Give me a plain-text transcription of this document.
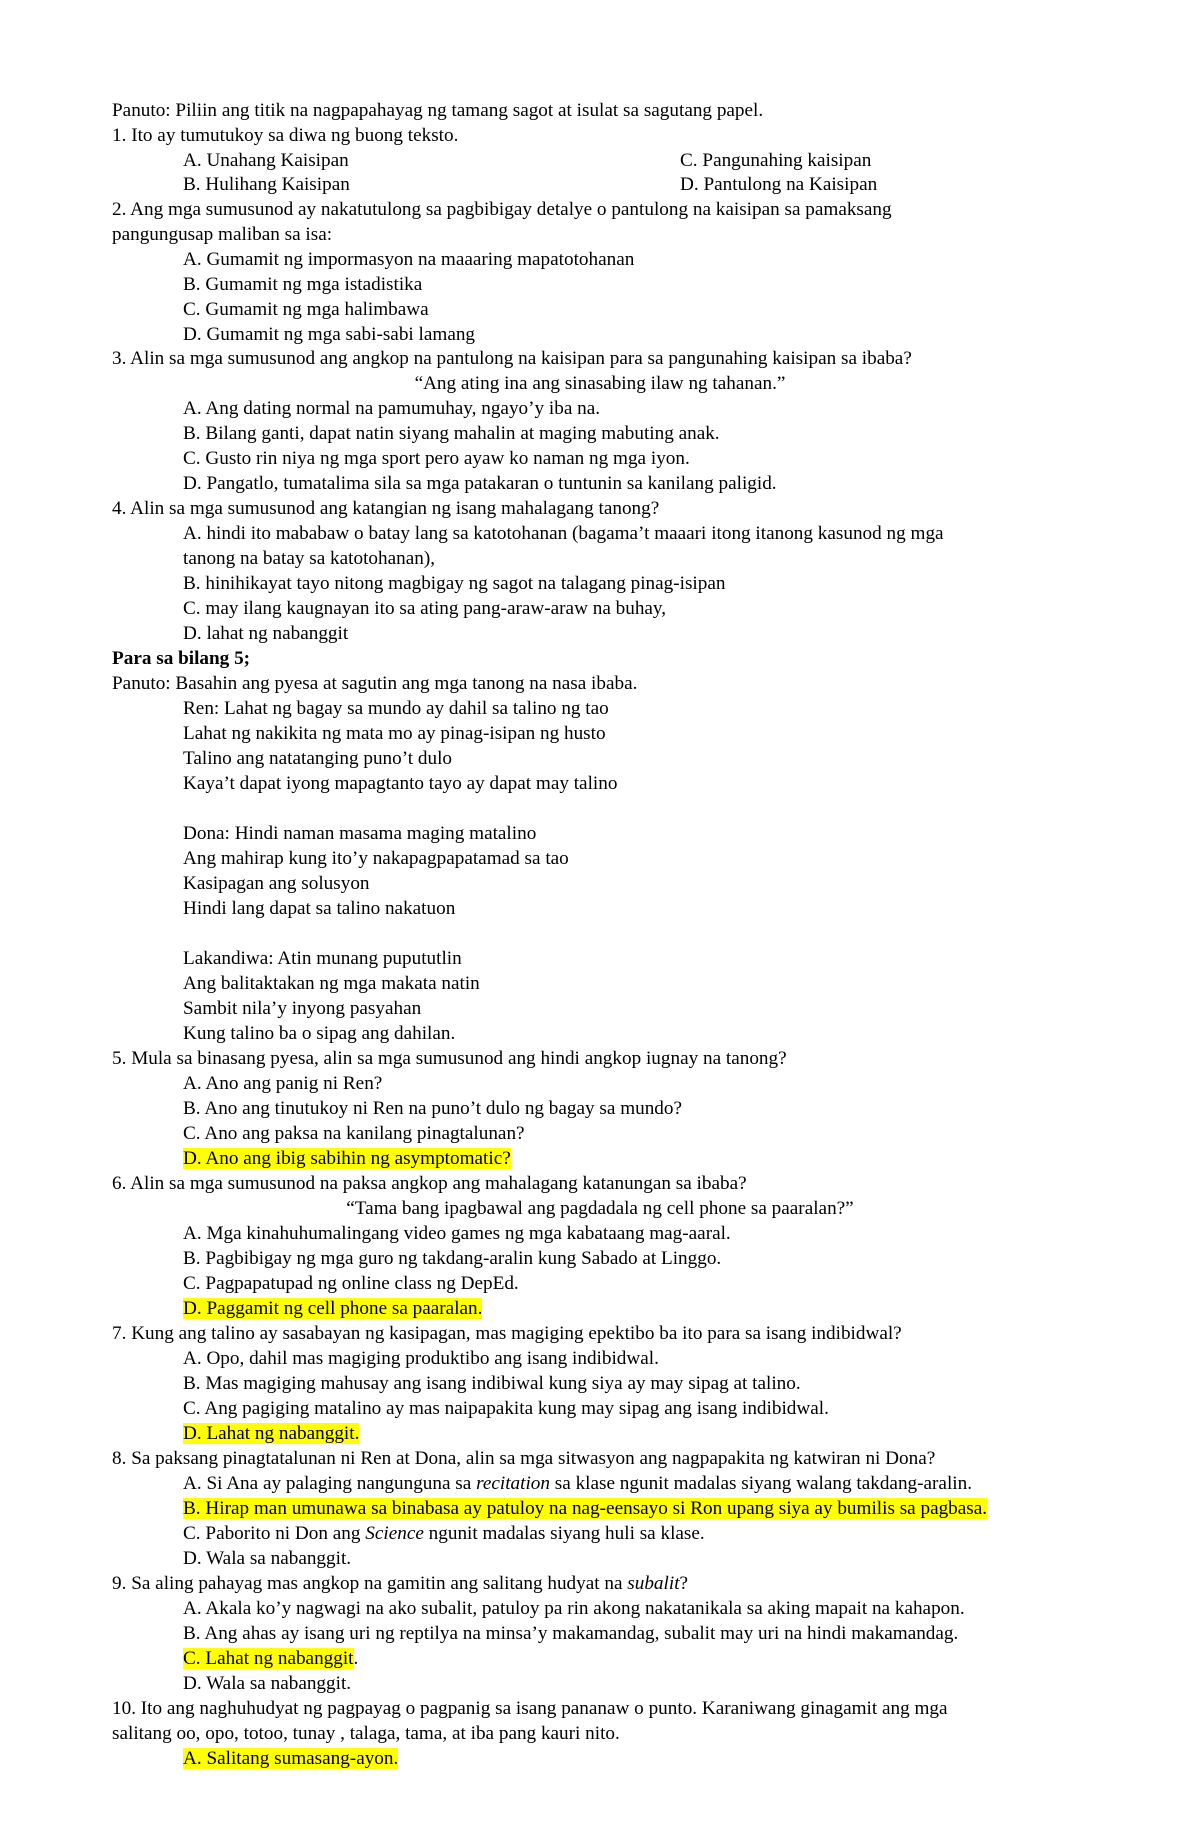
Panuto: Piliin ang titik na nagpapahayag ng tamang sagot at isulat sa sagutang papel.
1. Ito ay tumutukoy sa diwa ng buong teksto.
A. Unahang Kaisipan	C. Pangunahing kaisipan
B. Hulihang Kaisipan	D. Pantulong na Kaisipan
2. Ang mga sumusunod ay nakatutulong sa pagbibigay detalye o pantulong na kaisipan sa pamaksang
pangungusap maliban sa isa:
A. Gumamit ng impormasyon na maaaring mapatotohanan
B. Gumamit ng mga istadistika
C. Gumamit ng mga halimbawa
D. Gumamit ng mga sabi-sabi lamang
3. Alin sa mga sumusunod ang angkop na pantulong na kaisipan para sa pangunahing kaisipan sa ibaba?
“Ang ating ina ang sinasabing ilaw ng tahanan.”
A. Ang dating normal na pamumuhay, ngayo’y iba na.
B. Bilang ganti, dapat natin siyang mahalin at maging mabuting anak.
C. Gusto rin niya ng mga sport pero ayaw ko naman ng mga iyon.
D. Pangatlo, tumatalima sila sa mga patakaran o tuntunin sa kanilang paligid.
4. Alin sa mga sumusunod ang katangian ng isang mahalagang tanong?
A. hindi ito mababaw o batay lang sa katotohanan (bagama’t maaari itong itanong kasunod ng mga
tanong na batay sa katotohanan),
B. hinihikayat tayo nitong magbigay ng sagot na talagang pinag-isipan
C. may ilang kaugnayan ito sa ating pang-araw-araw na buhay,
D. lahat ng nabanggit
Para sa bilang 5;
Panuto: Basahin ang pyesa at sagutin ang mga tanong na nasa ibaba.
Ren: Lahat ng bagay sa mundo ay dahil sa talino ng tao
Lahat ng nakikita ng mata mo ay pinag-isipan ng husto
Talino ang natatanging puno’t dulo
Kaya’t dapat iyong mapagtanto tayo ay dapat may talino
Dona: Hindi naman masama maging matalino
Ang mahirap kung ito’y nakapagpapatamad sa tao
Kasipagan ang solusyon
Hindi lang dapat sa talino nakatuon
Lakandiwa: Atin munang pupututlin
Ang balitaktakan ng mga makata natin
Sambit nila’y inyong pasyahan
Kung talino ba o sipag ang dahilan.
5. Mula sa binasang pyesa, alin sa mga sumusunod ang hindi angkop iugnay na tanong?
A. Ano ang panig ni Ren?
B. Ano ang tinutukoy ni Ren na puno’t dulo ng bagay sa mundo?
C. Ano ang paksa na kanilang pinagtalunan?
D. Ano ang ibig sabihin ng asymptomatic?
6. Alin sa mga sumusunod na paksa angkop ang mahalagang katanungan sa ibaba?
“Tama bang ipagbawal ang pagdadala ng cell phone sa paaralan?”
A. Mga kinahuhumalingang video games ng mga kabataang mag-aaral.
B. Pagbibigay ng mga guro ng takdang-aralin kung Sabado at Linggo.
C. Pagpapatupad ng online class ng DepEd.
D. Paggamit ng cell phone sa paaralan.
7. Kung ang talino ay sasabayan ng kasipagan, mas magiging epektibo ba ito para sa isang indibidwal?
A. Opo, dahil mas magiging produktibo ang isang indibidwal.
B. Mas magiging mahusay ang isang indibiwal kung siya ay may sipag at talino.
C. Ang pagiging matalino ay mas naipapakita kung may sipag ang isang indibidwal.
D. Lahat ng nabanggit.
8. Sa paksang pinagtatalunan ni Ren at Dona, alin sa mga sitwasyon ang nagpapakita ng katwiran ni Dona?
A. Si Ana ay palaging nangunguna sa recitation sa klase ngunit madalas siyang walang takdang-aralin.
B. Hirap man umunawa sa binabasa ay patuloy na nag-eensayo si Ron upang siya ay bumilis sa pagbasa.
C. Paborito ni Don ang Science ngunit madalas siyang huli sa klase.
D. Wala sa nabanggit.
9. Sa aling pahayag mas angkop na gamitin ang salitang hudyat na subalit?
A. Akala ko’y nagwagi na ako subalit, patuloy pa rin akong nakatanikala sa aking mapait na kahapon.
B. Ang ahas ay isang uri ng reptilya na minsa’y makamandag, subalit may uri na hindi makamandag.
C. Lahat ng nabanggit.
D. Wala sa nabanggit.
10. Ito ang naghuhudyat ng pagpayag o pagpanig sa isang pananaw o punto. Karaniwang ginagamit ang mga
salitang oo, opo, totoo, tunay , talaga, tama, at iba pang kauri nito.
A. Salitang sumasang-ayon.
